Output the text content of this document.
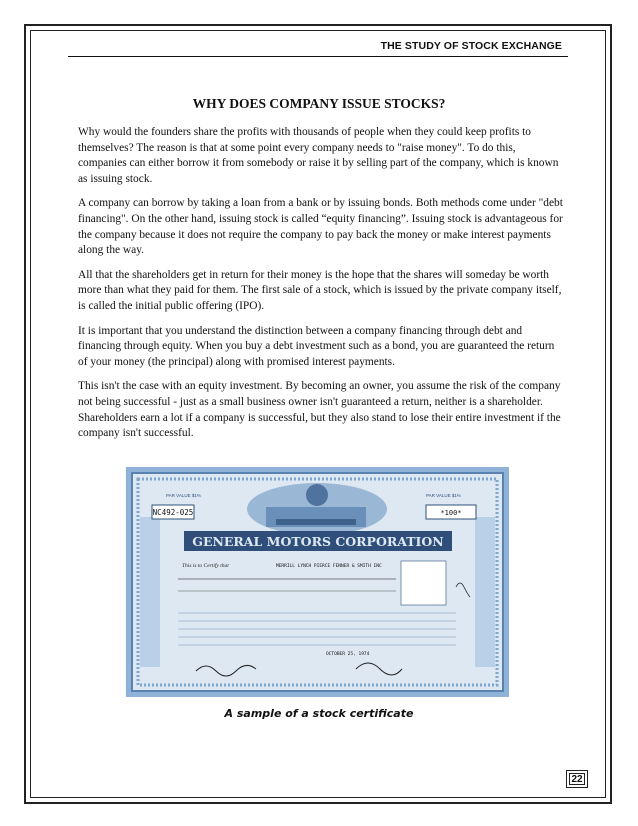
THE STUDY OF STOCK EXCHANGE
WHY DOES COMPANY ISSUE STOCKS?

Why would the founders share the profits with thousands of people when they could keep profits to themselves? The reason is that at some point every company needs to "raise money". To do this, companies can either borrow it from somebody or raise it by selling part of the company, which is known as issuing stock.

A company can borrow by taking a loan from a bank or by issuing bonds. Both methods come under "debt financing". On the other hand, issuing stock is called “equity financing”. Issuing stock is advantageous for the company because it does not require the company to pay back the money or make interest payments along the way.

All that the shareholders get in return for their money is the hope that the shares will someday be worth more than what they paid for them. The first sale of a stock, which is issued by the private company itself, is called the initial public offering (IPO).

It is important that you understand the distinction between a company financing through debt and financing through equity. When you buy a debt investment such as a bond, you are guaranteed the return of your money (the principal) along with promised interest payments.

This isn't the case with an equity investment. By becoming an owner, you assume the risk of the company not being successful - just as a small business owner isn't guaranteed a return, neither is a shareholder. Shareholders earn a lot if a company is successful, but they also stand to lose their entire investment if the company isn't successful.

NC492-025
PAR VALUE $1⅔	PAR VALUE $1⅔
*100*
GENERAL MOTORS CORPORATION
This is to Certify that	MERRILL LYNCH PIERCE FENNER & SMITH INC
OCTOBER 25, 1974
A sample of a stock certificate
22
